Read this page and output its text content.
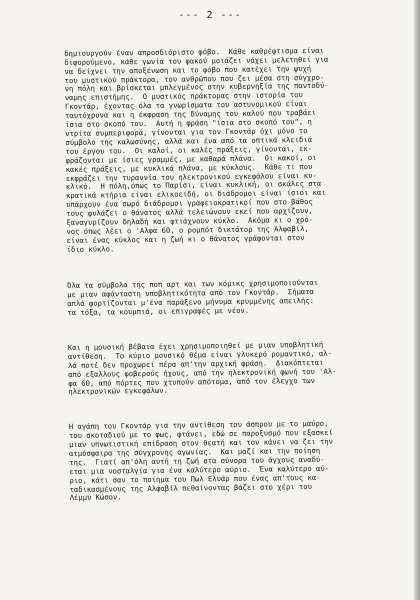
--- 2 ---

δημιουργούν έναν απροσδιόριστο φόβο.  Κάθε καθρέφτισμα είναι
διφορούμενο, κάθε γωνία του φακού μοιάζει νάχει μελετηθεί για
να δείχνει την αποξένωση και το φόβο που κατέχει την ψυχή
του μυστικού πράκτορα, του ανθρώπου που ζει μέσα στη σύγχρο-
νη πόλη και βρίσκεται μπλεγμένος στην κυβερνηξία της παντοδύ-
ναμης επιστήμης.  Ο μυστικός πράκτορας στην ιστορία του
Γκοντάρ, έχοντας όλα τα γνωρίσματα του αστυνομικού είναι
ταυτόχρονα και η έκφραση της δύναμης του καλού που τραβάει
ίσια στο σκοπό του.  Αυτή η φράση "ίσια στο σκοπό του", η
ντρίτα συμπεριφορά, γίνονται για τον Γκοντάρ όχι μόνο το
σύμβολο της καλωσύνης, αλλά και ένα από τα οπτικά κλειδιά
του έργου του.  Οι καλοί, οι καλές πράξεις, γίνονται, εκ-
φράζονται με ίσιες γραμμές, με καθαρά πλάνα.  Οι κακοί, οι
κακές πράξεις, με κυκλικά πλάνα, με κύκλους.  Κάθε τι που
εκφράζει την τυραννία του ηλεκτρονικού εγκεφάλου είναι κυ-
κλικό.  Η πόλη,όπως το Παρίσι, είναι κυκλική, οι σκάλες στα
κρατικά κτήρια είναι ελικοειδή, οι διάδρομοι είναι ίσιοι και
υπάρχουν ένα σωρό διάδρομοι γραφειοκρατικοί που στο βάθος
τους φυλάζει ο θάνατος αλλά τελειώνουν εκεί που αρχίζουν,
ξαναγυρίζουν δηλαδή και φτιάχνουν κύκλο.  Ακόμα κι ο χρό-
νος όπως λέει ο 'Αλφα 60, ο ρομπότ δικτάτορ της Αλφαβίλ,
είναι ένας κύκλος και η ζωή κι ο θάνατος γράφονται στον
ίδιο κύκλο.

Όλα τα σύμβολα της ποπ αρτ και των κόμικς χρησιμοποιούνται
με μιαν αφάνταστη υποβλητικότητα από τον Γκοντάρ.  Σήματα
απλά φορτίζονται μ'ένα παράξενο μήνυμα κρυμμένης απειλής:
τα τόξα, τα κουμπιά, οι επιγραφές με νέον.

Και η μουσική βέβαια έχει χρησιμοποιηθεί με μιαν υποβλητική
αντίθεση.  Το κύριο μουσικό θέμα είναι γλυκερό ρομαντικό, αλ-
λά ποτέ δεν προχωρεί πέρα απ'την αρχική φράση.  Διακόπτεται
από εξαλλους φοβερούς ήχους, από την ηλεκτρονική φωνή του 'Αλ-
φα 60, από πόρτες που χτυπούν απότομα, από τον έλεγχο των
ηλεκτρονικών εγκεφάλων.

Η αγάπη του Γκοντάρ για την αντίθεση του άσπρου με το μαύρο,
του σκοταδιού με το φως, φτάνει, εδώ σε παροξυσμό που εξασκεί
μιαν υπνωτιστική επίδραση στον θεατή και τον κάνει να ζει την
ατμόσφαιρα της σύγχρονης αγωνίας.  Και μαζί και την ποίηση
της.  Γιατί απ'όλη αυτή τη ζωή στα σύνορα του άγχους αναδύ-
εται μια νοσταλγία για ένα καλύτερο αύριο.  Ένα καλύτερο αύ-
ριο, κάτι σαν το ποίημα του Πωλ Ελυάρ που ένας απ'τους κα-
ταδικασμένους της Αλφαβίλ πεθαίνοντας βάζει στο χέρι του
Λέμμυ Κώσον.
